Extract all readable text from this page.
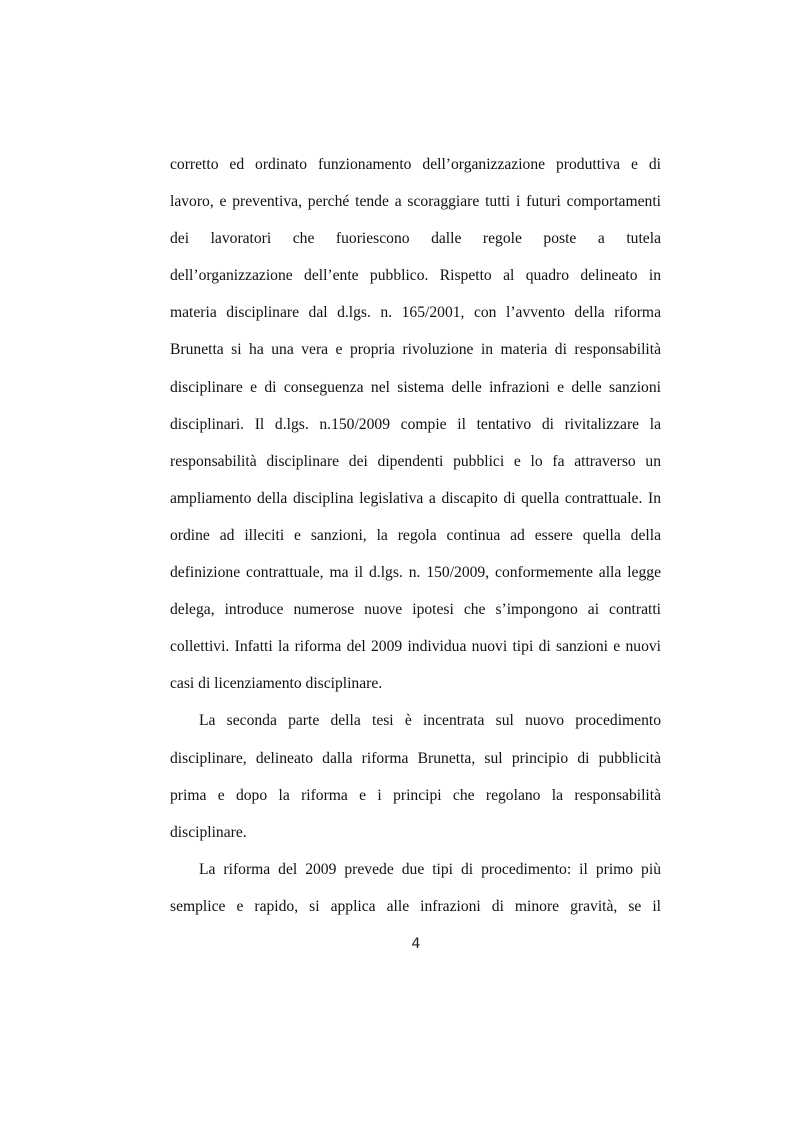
corretto ed ordinato funzionamento dell’organizzazione produttiva e di
lavoro, e preventiva, perché tende a scoraggiare tutti i futuri comportamenti
dei lavoratori che fuoriescono dalle regole poste a tutela
dell’organizzazione dell’ente pubblico. Rispetto al quadro delineato in
materia disciplinare dal d.lgs. n. 165/2001, con l’avvento della riforma
Brunetta si ha una vera e propria rivoluzione in materia di responsabilità
disciplinare e di conseguenza nel sistema delle infrazioni e delle sanzioni
disciplinari. Il d.lgs. n.150/2009 compie il tentativo di rivitalizzare la
responsabilità disciplinare dei dipendenti pubblici e lo fa attraverso un
ampliamento della disciplina legislativa a discapito di quella contrattuale. In
ordine ad illeciti e sanzioni, la regola continua ad essere quella della
definizione contrattuale, ma il d.lgs. n. 150/2009, conformemente alla legge
delega, introduce numerose nuove ipotesi che s’impongono ai contratti
collettivi. Infatti la riforma del 2009 individua nuovi tipi di sanzioni e nuovi
casi di licenziamento disciplinare.
La seconda parte della tesi è incentrata sul nuovo procedimento
disciplinare, delineato dalla riforma Brunetta, sul principio di pubblicità
prima e dopo la riforma e i principi che regolano la responsabilità
disciplinare.
La riforma del 2009 prevede due tipi di procedimento: il primo più
semplice e rapido, si applica alle infrazioni di minore gravità, se il
4
